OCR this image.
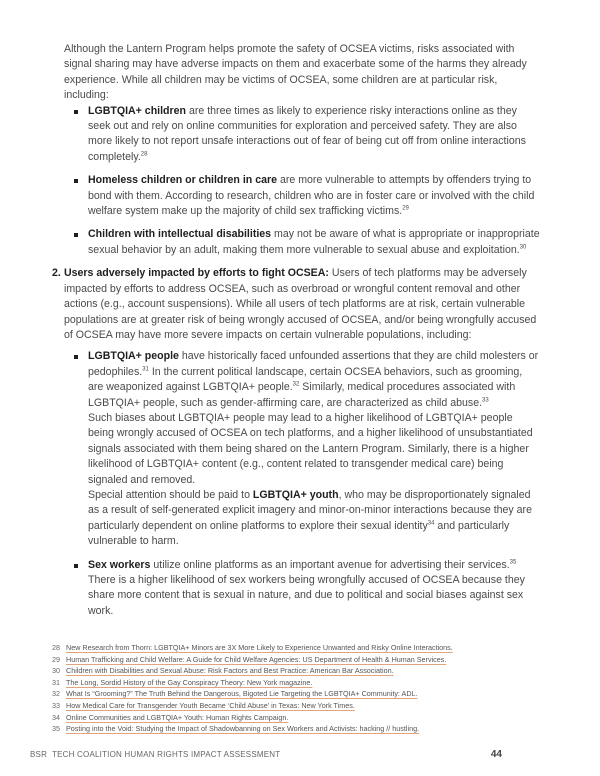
Although the Lantern Program helps promote the safety of OCSEA victims, risks associated with signal sharing may have adverse impacts on them and exacerbate some of the harms they already experience. While all children may be victims of OCSEA, some children are at particular risk, including:

LGBTQIA+ children are three times as likely to experience risky interactions online as they seek out and rely on online communities for exploration and perceived safety. They are also more likely to not report unsafe interactions out of fear of being cut off from online interactions completely.$^{28}$
Homeless children or children in care are more vulnerable to attempts by offenders trying to bond with them. According to research, children who are in foster care or involved with the child welfare system make up the majority of child sex trafficking victims.$^{29}$
Children with intellectual disabilities may not be aware of what is appropriate or inappropriate sexual behavior by an adult, making them more vulnerable to sexual abuse and exploitation.$^{30}$
2. Users adversely impacted by efforts to fight OCSEA: Users of tech platforms may be adversely impacted by efforts to address OCSEA, such as overbroad or wrongful content removal and other actions (e.g., account suspensions). While all users of tech platforms are at risk, certain vulnerable populations are at greater risk of being wrongly accused of OCSEA, and/or being wrongfully accused of OCSEA may have more severe impacts on certain vulnerable populations, including:

LGBTQIA+ people have historically faced unfounded assertions that they are child molesters or pedophiles.$^{31}$ In the current political landscape, certain OCSEA behaviors, such as grooming, are weaponized against LGBTQIA+ people.$^{32}$ Similarly, medical procedures associated with LGBTQIA+ people, such as gender-affirming care, are characterized as child abuse.$^{33}$

Such biases about LGBTQIA+ people may lead to a higher likelihood of LGBTQIA+ people being wrongly accused of OCSEA on tech platforms, and a higher likelihood of unsubstantiated signals associated with them being shared on the Lantern Program. Similarly, there is a higher likelihood of LGBTQIA+ content (e.g., content related to transgender medical care) being signaled and removed.

Special attention should be paid to LGBTQIA+ youth, who may be disproportionately signaled as a result of self-generated explicit imagery and minor-on-minor interactions because they are particularly dependent on online platforms to explore their sexual identity$^{34}$ and particularly vulnerable to harm.

Sex workers utilize online platforms as an important avenue for advertising their services.$^{35}$ There is a higher likelihood of sex workers being wrongfully accused of OCSEA because they share more content that is sexual in nature, and due to political and social biases against sex work.
28 New Research from Thorn: LGBTQIA+ Minors are 3X More Likely to Experience Unwanted and Risky Online Interactions.
29 Human Trafficking and Child Welfare: A Guide for Child Welfare Agencies: US Department of Health & Human Services.
30 Children with Disabilities and Sexual Abuse: Risk Factors and Best Practice: American Bar Association.
31 The Long, Sordid History of the Gay Conspiracy Theory: New York magazine.
32 What Is “Grooming?” The Truth Behind the Dangerous, Bigoted Lie Targeting the LGBTQIA+ Community: ADL.
33 How Medical Care for Transgender Youth Became ‘Child Abuse’ in Texas: New York Times.
34 Online Communities and LGBTQIA+ Youth: Human Rights Campaign.
35 Posting into the Void: Studying the Impact of Shadowbanning on Sex Workers and Activists: hacking // hustling.
BSR TECH COALITION HUMAN RIGHTS IMPACT ASSESSMENT	44
